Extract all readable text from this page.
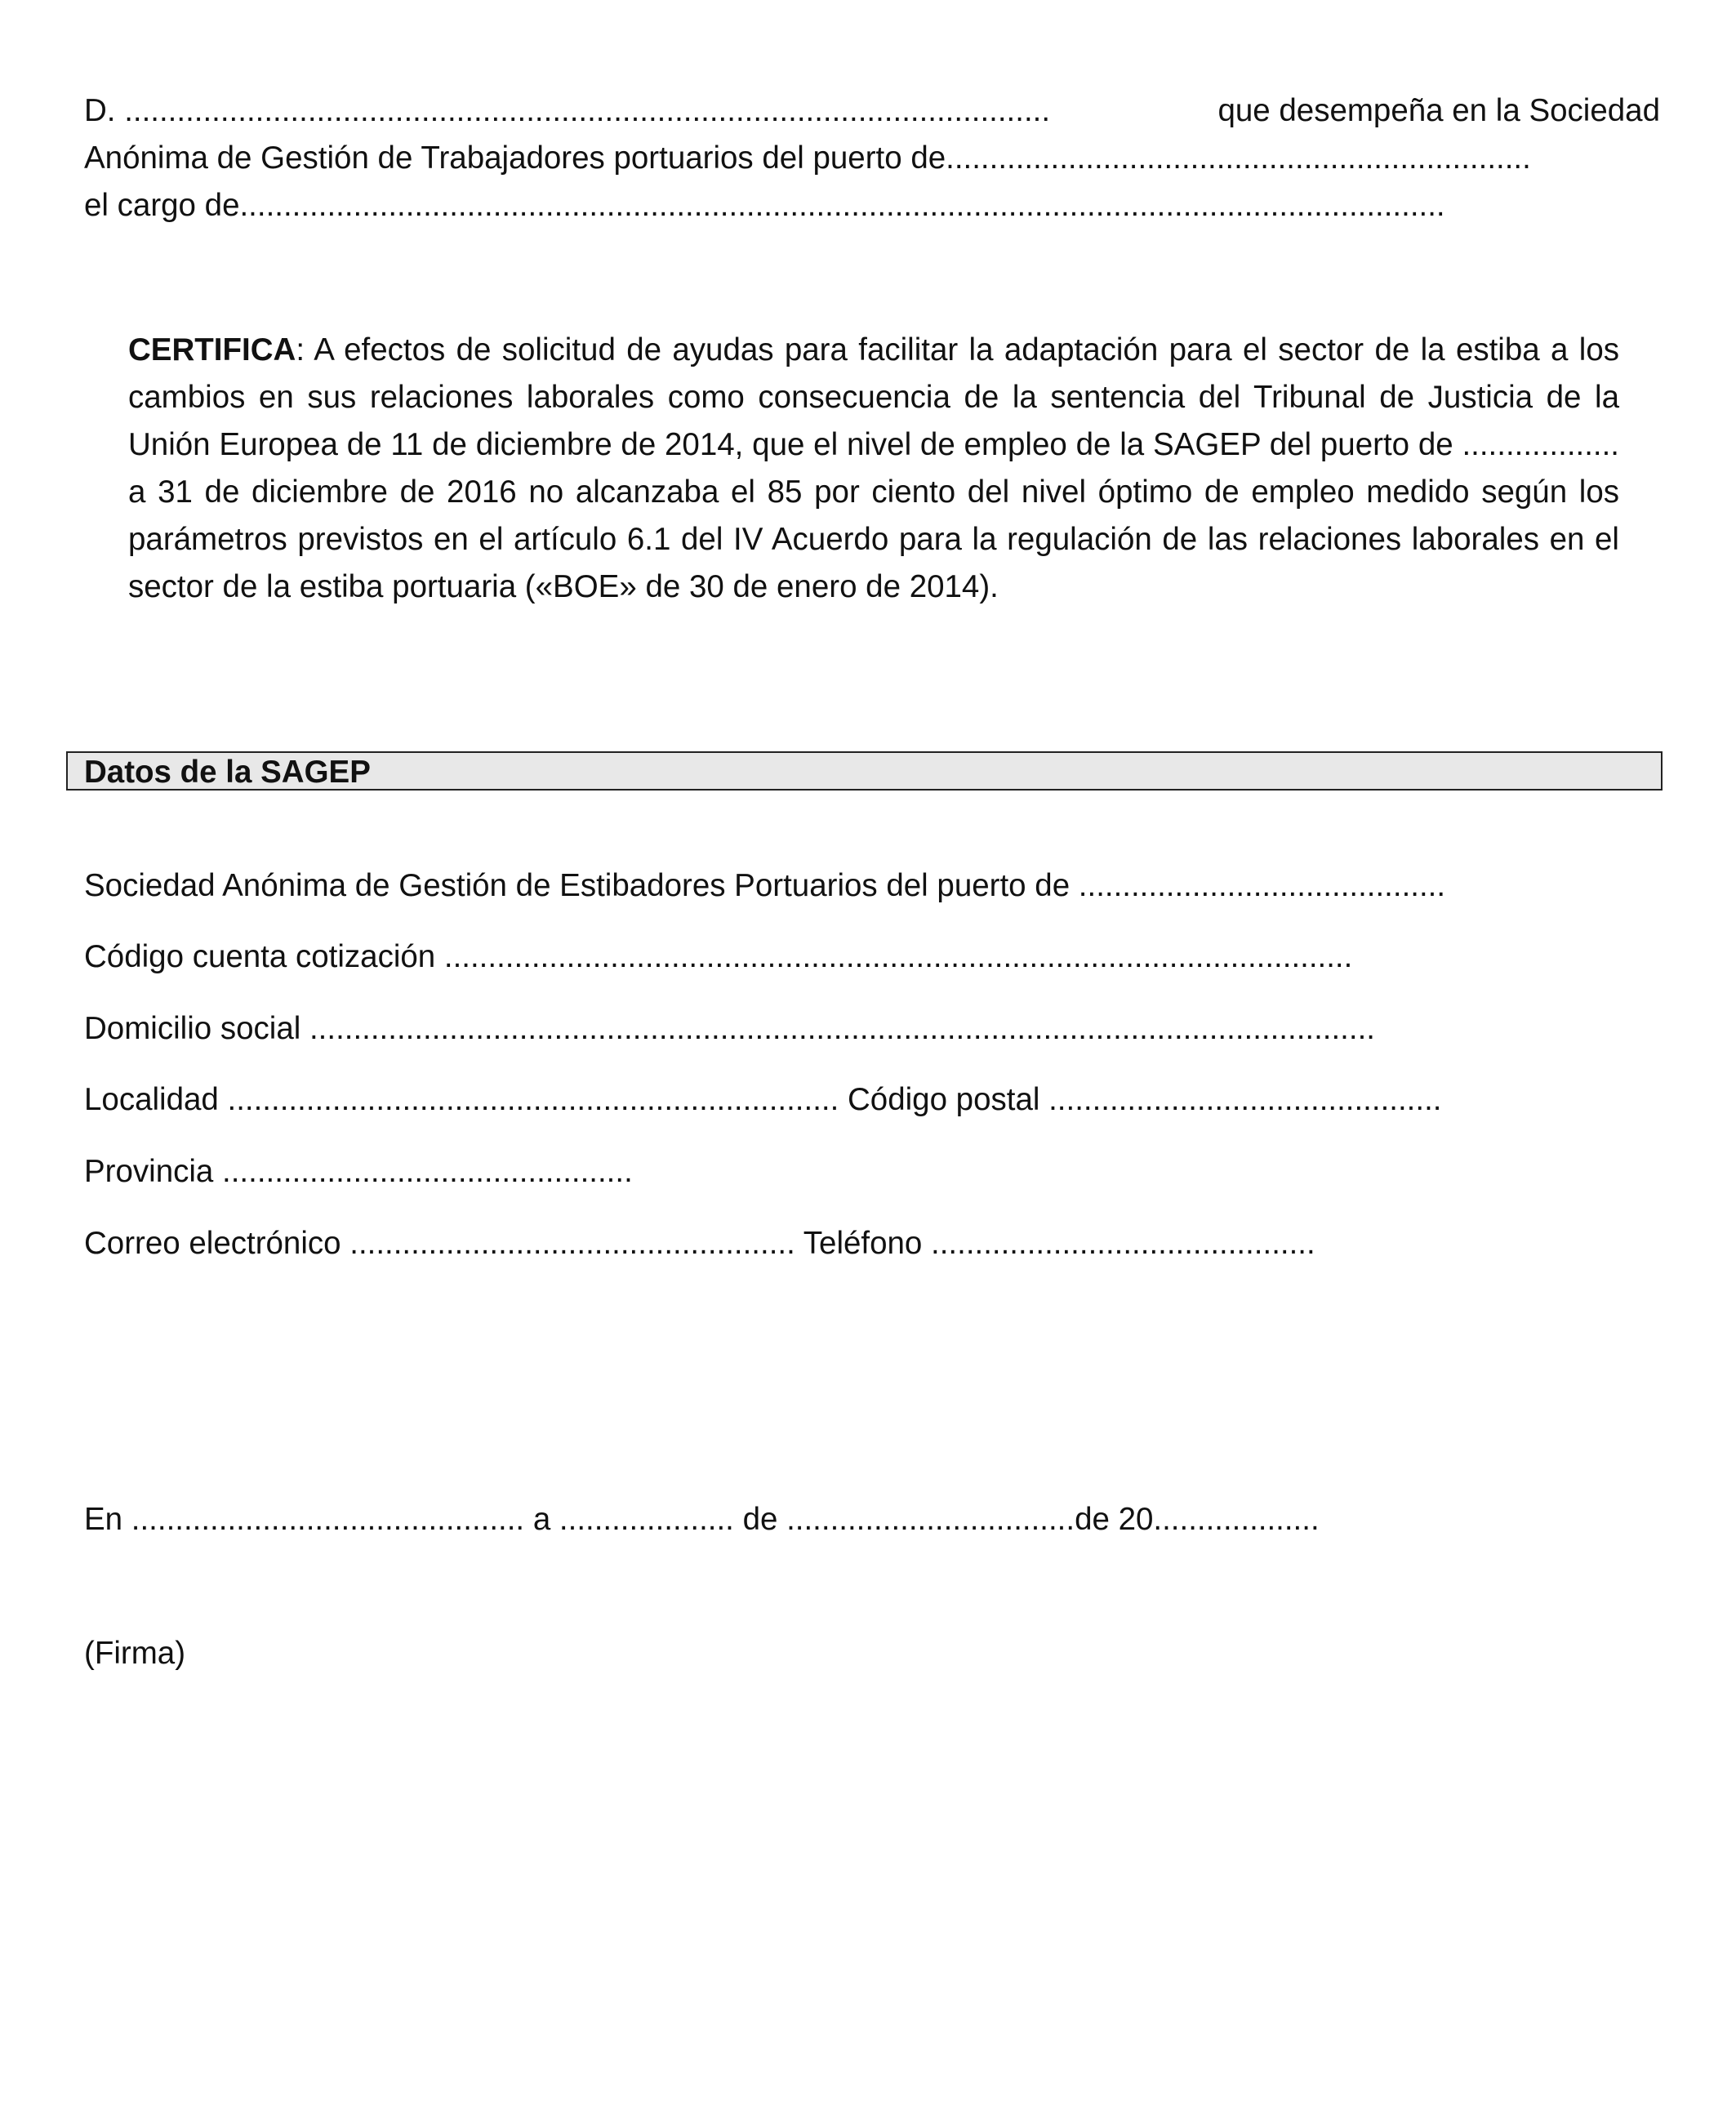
D. ..........................................................................................................	que desempeña en la Sociedad
Anónima de Gestión de Trabajadores portuarios del puerto de...................................................................
el cargo de..........................................................................................................................................

CERTIFICA: A efectos de solicitud de ayudas para facilitar la adaptación para el sector de la estiba a los cambios en sus relaciones laborales como consecuencia de la sentencia del Tribunal de Justicia de la Unión Europea de 11 de diciembre de 2014, que el nivel de empleo de la SAGEP del puerto de .................. a 31 de diciembre de 2016 no alcanzaba el 85 por ciento del nivel óptimo de empleo medido según los parámetros previstos en el artículo 6.1 del IV Acuerdo para la regulación de las relaciones laborales en el sector de la estiba portuaria («BOE» de 30 de enero de 2014).

Datos de la SAGEP
Sociedad Anónima de Gestión de Estibadores Portuarios del puerto de ..........................................
Código cuenta cotización ........................................................................................................
Domicilio social ..........................................................................................................................
Localidad ...................................................................... Código postal .............................................
Provincia ...............................................
Correo electrónico ................................................... Teléfono ............................................
En ............................................. a .................... de .................................de 20...................
(Firma)
